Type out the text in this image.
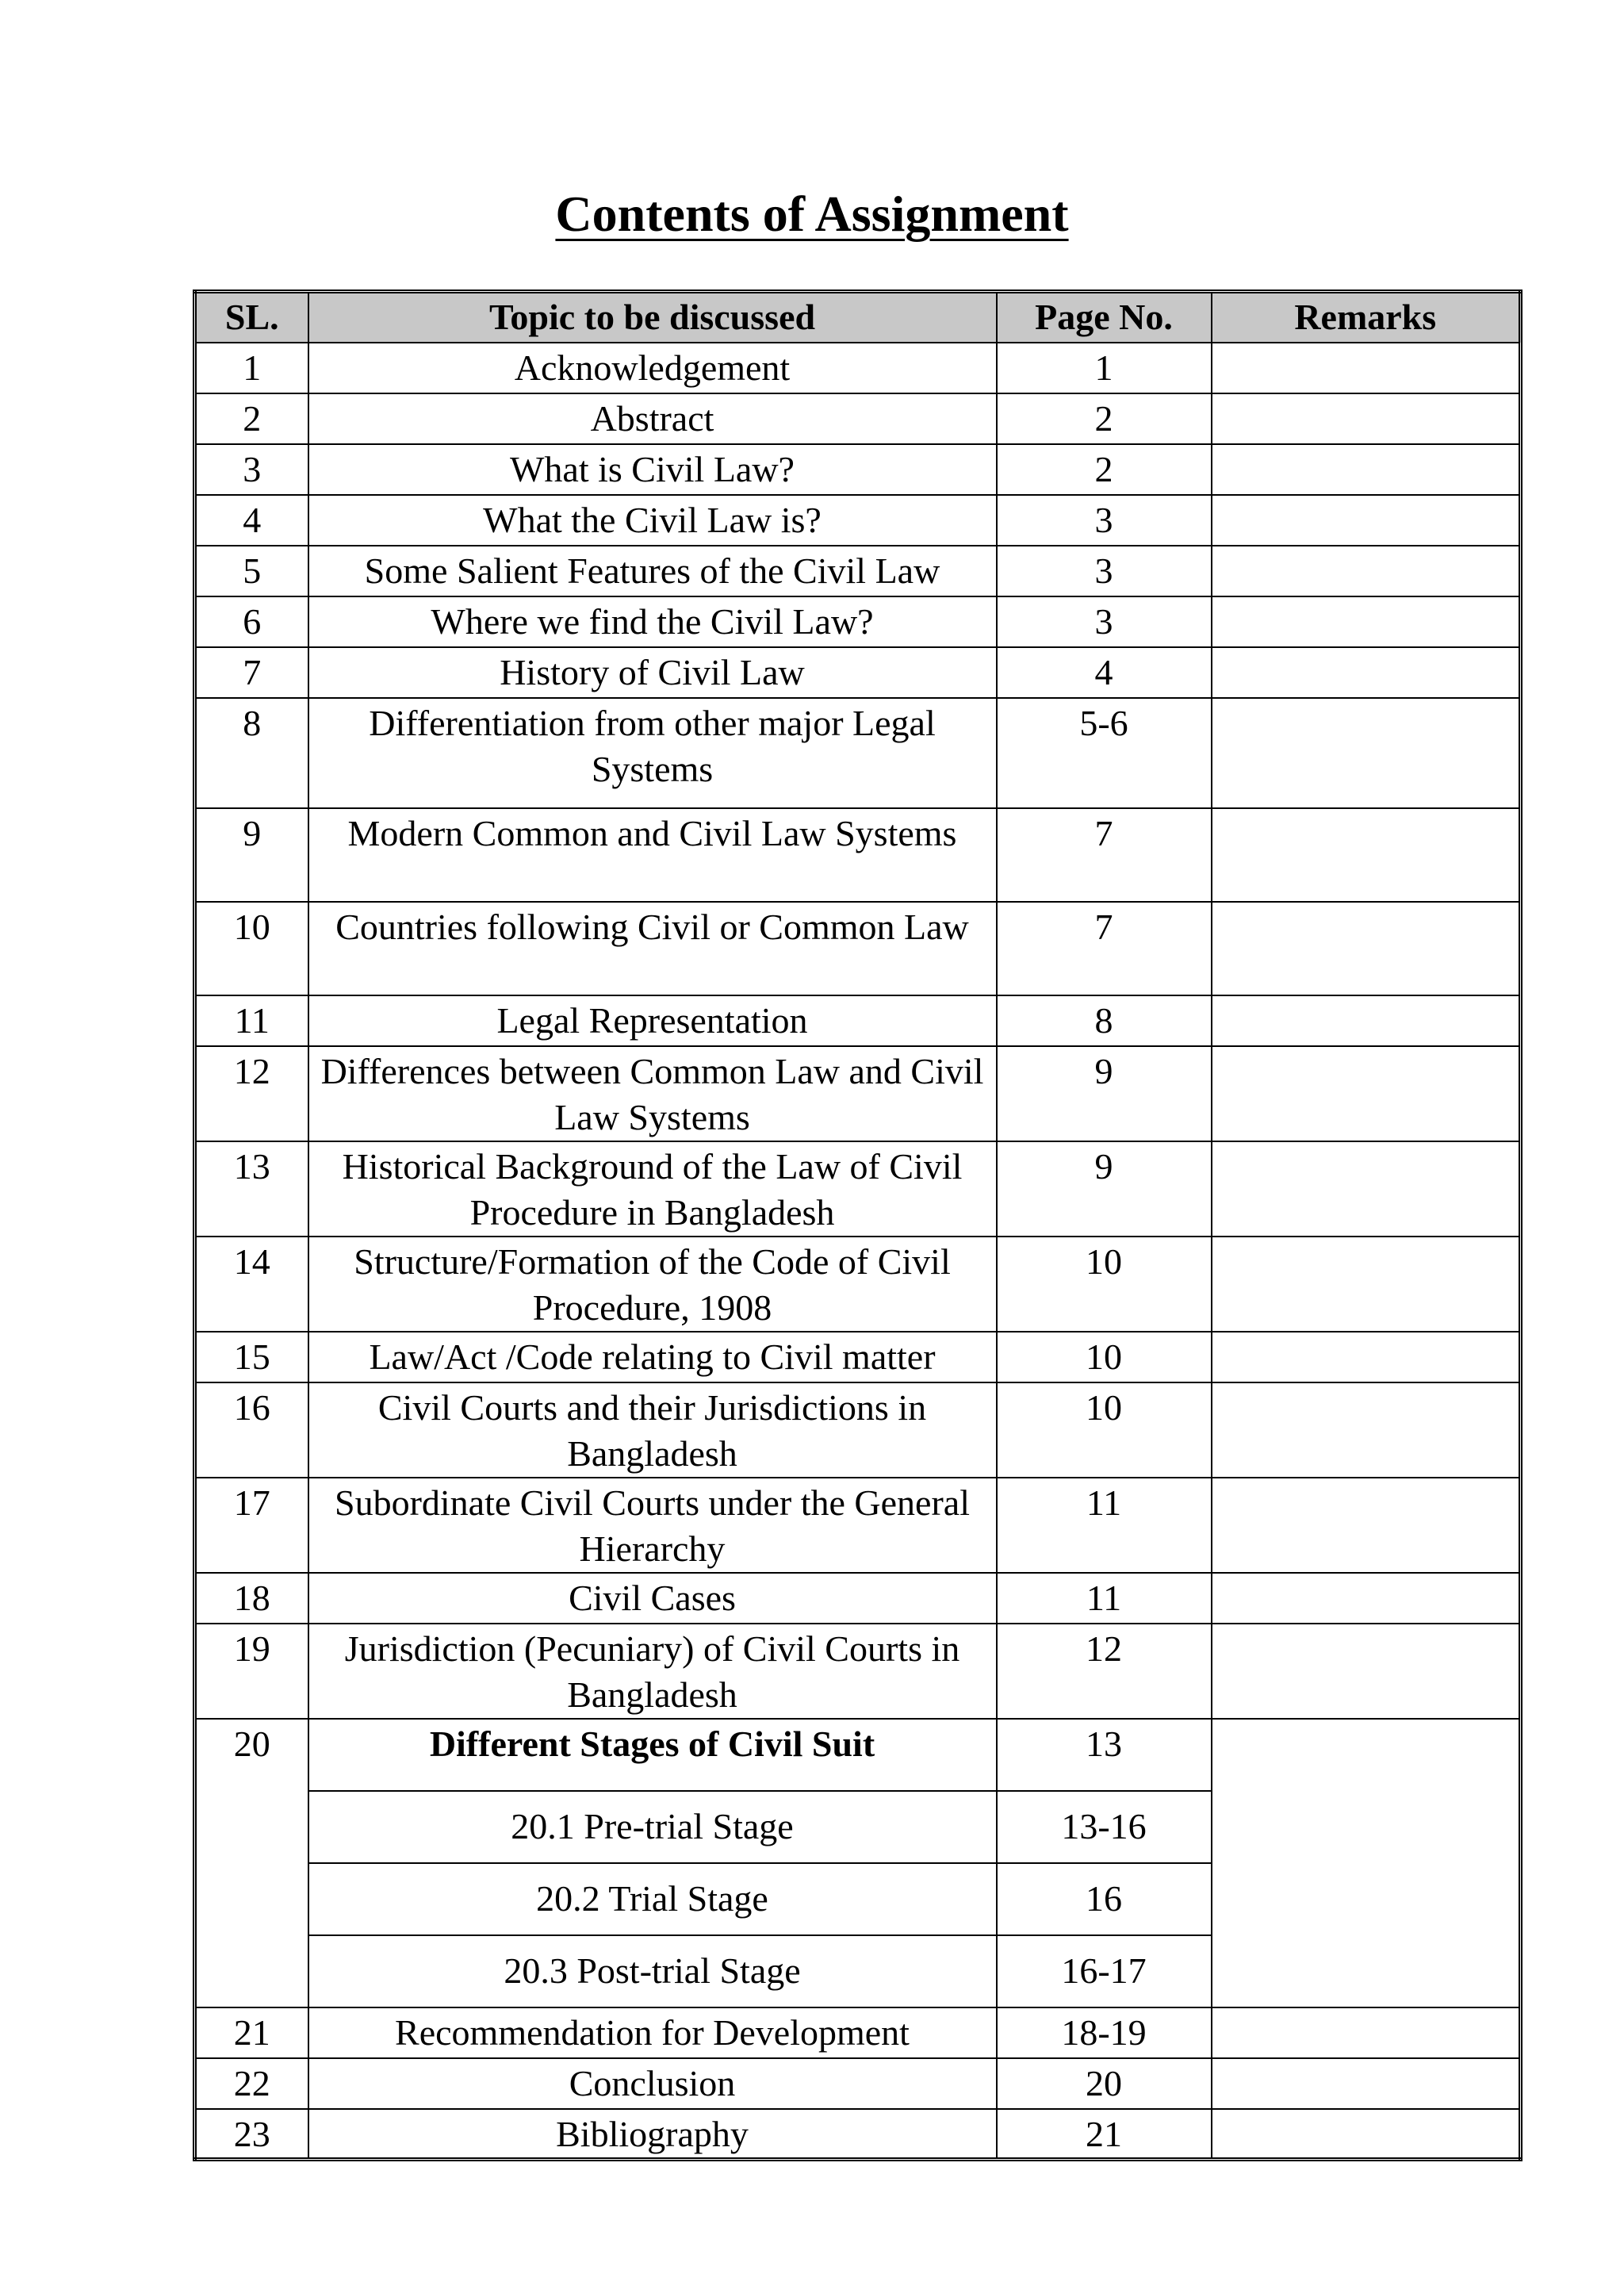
Contents of Assignment
SL.	Topic to be discussed	Page No.	Remarks
1	Acknowledgement	1	
2	Abstract	2	
3	What is Civil Law?	2	
4	What the Civil Law is?	3	
5	Some Salient Features of the Civil Law	3	
6	Where we find the Civil Law?	3	
7	History of Civil Law	4	
8	Differentiation from other major Legal Systems	5-6	
9	Modern Common and Civil Law Systems	7	
10	Countries following Civil or Common Law	7	
11	Legal Representation	8	
12	Differences between Common Law and Civil Law Systems	9	
13	Historical Background of the Law of Civil Procedure in Bangladesh	9	
14	Structure/Formation of the Code of Civil Procedure, 1908	10	
15	Law/Act /Code relating to Civil matter	10	
16	Civil Courts and their Jurisdictions in Bangladesh	10	
17	Subordinate Civil Courts under the General Hierarchy	11	
18	Civil Cases	11	
19	Jurisdiction (Pecuniary) of Civil Courts in Bangladesh	12	
20	Different Stages of Civil Suit	13	
	20.1 Pre-trial Stage	13-16	
	20.2 Trial Stage	16	
	20.3 Post-trial Stage	16-17	
21	Recommendation for Development	18-19	
22	Conclusion	20	
23	Bibliography	21	
